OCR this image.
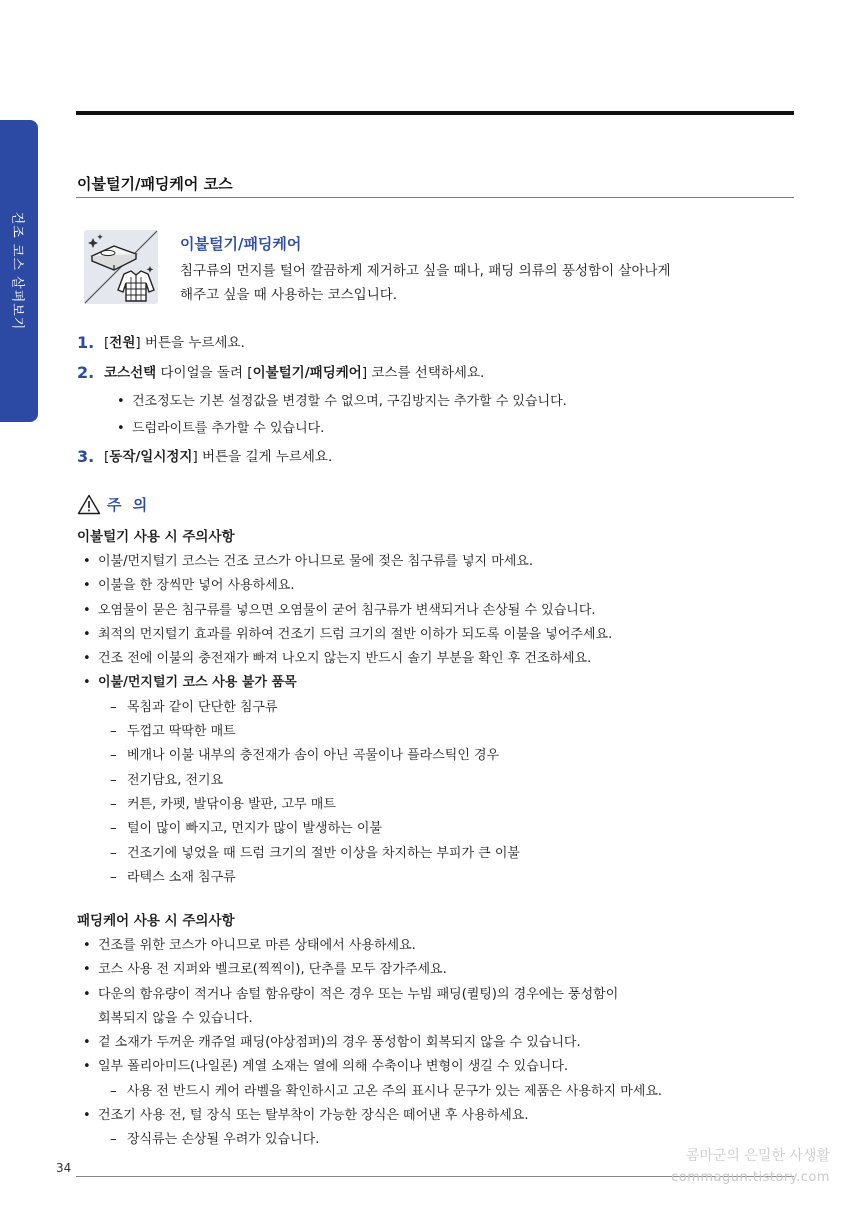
건조 코스 살펴보기
이불털기/패딩케어 코스
이불털기/패딩케어
침구류의 먼지를 털어 깔끔하게 제거하고 싶을 때나, 패딩 의류의 풍성함이 살아나게
해주고 싶을 때 사용하는 코스입니다.
1. [전원] 버튼을 누르세요.
2. 코스선택 다이얼을 돌려 [이불털기/패딩케어] 코스를 선택하세요.
• 건조정도는 기본 설정값을 변경할 수 없으며, 구김방지는 추가할 수 있습니다.
• 드럼라이트를 추가할 수 있습니다.
3. [동작/일시정지] 버튼을 길게 누르세요.
주 의
이불털기 사용 시 주의사항
• 이불/먼지털기 코스는 건조 코스가 아니므로 물에 젖은 침구류를 넣지 마세요.
• 이불을 한 장씩만 넣어 사용하세요.
• 오염물이 묻은 침구류를 넣으면 오염물이 굳어 침구류가 변색되거나 손상될 수 있습니다.
• 최적의 먼지털기 효과를 위하여 건조기 드럼 크기의 절반 이하가 되도록 이불을 넣어주세요.
• 건조 전에 이불의 충전재가 빠져 나오지 않는지 반드시 솔기 부분을 확인 후 건조하세요.
• 이불/먼지털기 코스 사용 불가 품목
– 목침과 같이 단단한 침구류
– 두껍고 딱딱한 매트
– 베개나 이불 내부의 충전재가 솜이 아닌 곡물이나 플라스틱인 경우
– 전기담요, 전기요
– 커튼, 카펫, 발닦이용 발판, 고무 매트
– 털이 많이 빠지고, 먼지가 많이 발생하는 이불
– 건조기에 넣었을 때 드럼 크기의 절반 이상을 차지하는 부피가 큰 이불
– 라텍스 소재 침구류
패딩케어 사용 시 주의사항
• 건조를 위한 코스가 아니므로 마른 상태에서 사용하세요.
• 코스 사용 전 지퍼와 벨크로(찍찍이), 단추를 모두 잠가주세요.
• 다운의 함유량이 적거나 솜털 함유량이 적은 경우 또는 누빔 패딩(퀼팅)의 경우에는 풍성함이
회복되지 않을 수 있습니다.
• 겉 소재가 두꺼운 캐쥬얼 패딩(야상점퍼)의 경우 풍성함이 회복되지 않을 수 있습니다.
• 일부 폴리아미드(나일론) 계열 소재는 열에 의해 수축이나 변형이 생길 수 있습니다.
– 사용 전 반드시 케어 라벨을 확인하시고 고온 주의 표시나 문구가 있는 제품은 사용하지 마세요.
• 건조기 사용 전, 털 장식 또는 탈부착이 가능한 장식은 떼어낸 후 사용하세요.
– 장식류는 손상될 우려가 있습니다.
34
콤마군의 은밀한 사생활
commagun.tistory.com
